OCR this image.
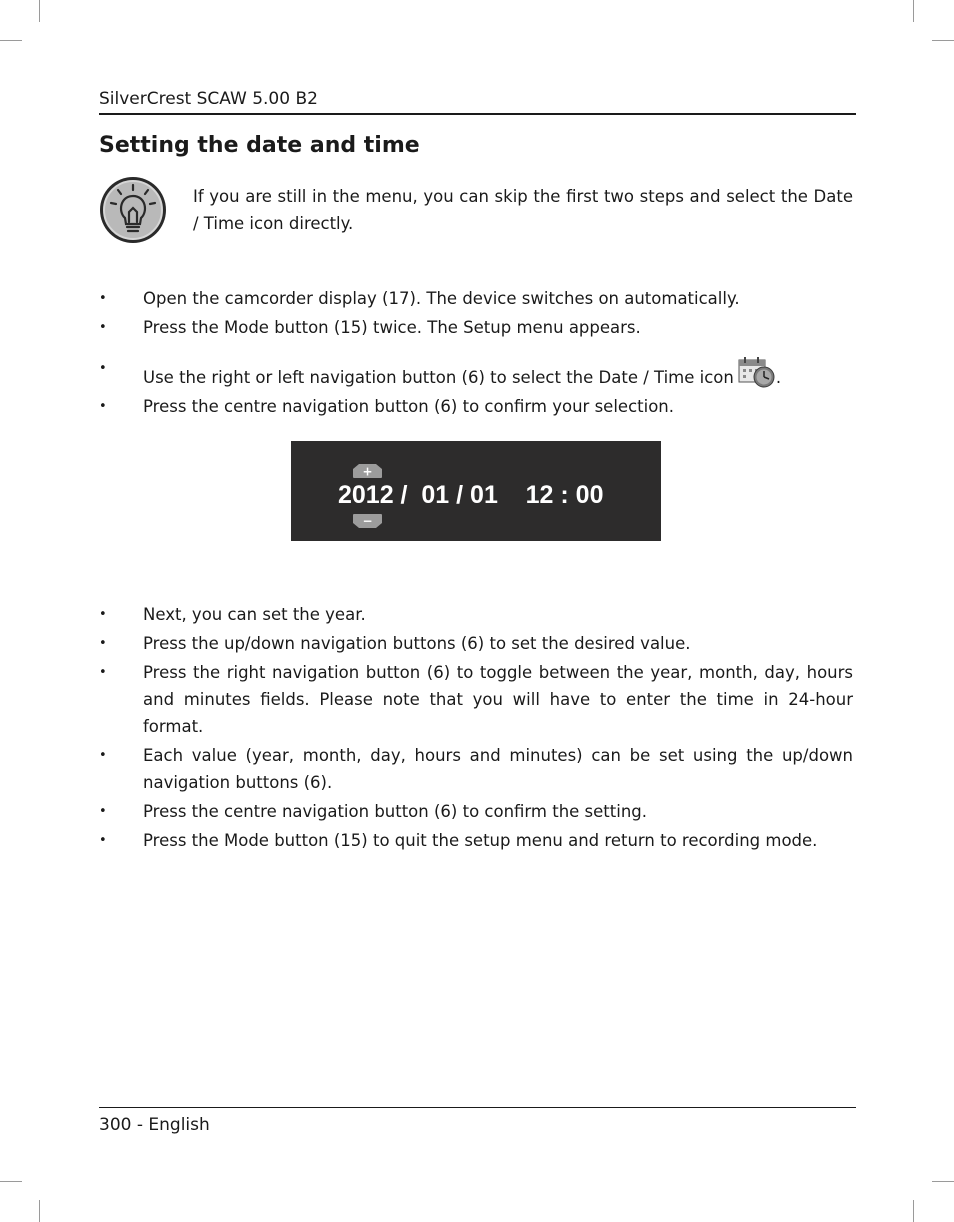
SilverCrest SCAW 5.00 B2
Setting the date and time
If you are still in the menu, you can skip the first two steps and select the Date / Time icon directly.
• Open the camcorder display (17). The device switches on automatically.
• Press the Mode button (15) twice. The Setup menu appears.
• Use the right or left navigation button (6) to select the Date / Time icon	.
• Press the centre navigation button (6) to confirm your selection.
+
2012 /  01 / 01    12 : 00
−
• Next, you can set the year.
• Press the up/down navigation buttons (6) to set the desired value.
• Press the right navigation button (6) to toggle between the year, month, day, hours and minutes fields. Please note that you will have to enter the time in 24-hour format.
• Each value (year, month, day, hours and minutes) can be set using the up/down navigation buttons (6).
• Press the centre navigation button (6) to confirm the setting.
• Press the Mode button (15) to quit the setup menu and return to recording mode.
300 - English
